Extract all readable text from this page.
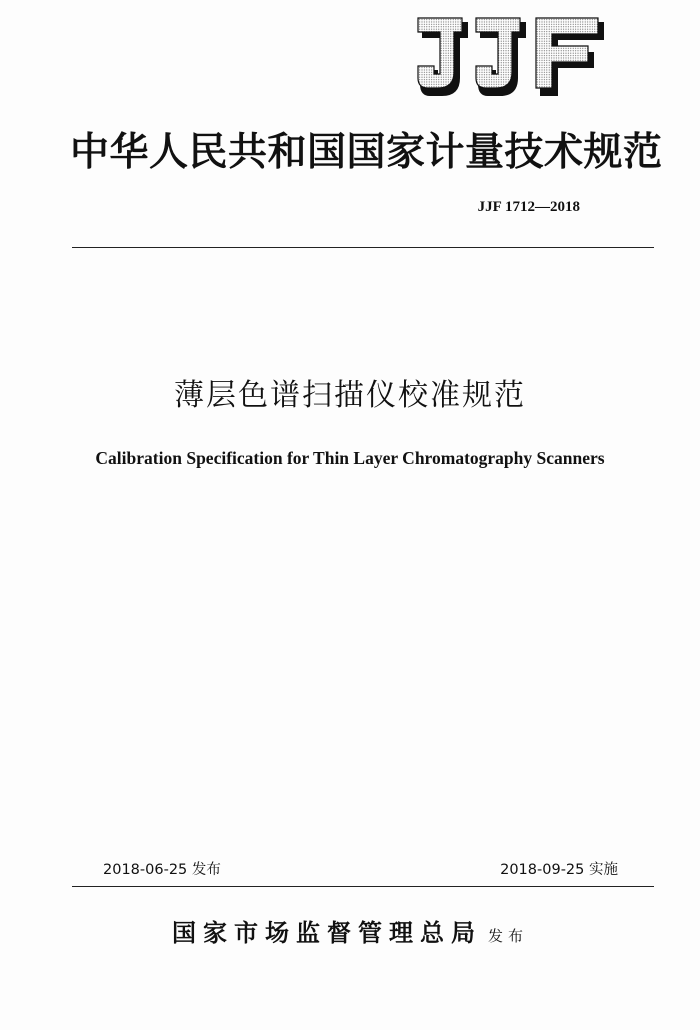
中华人民共和国国家计量技术规范
JJF 1712—2018
薄层色谱扫描仪校准规范
Calibration Specification for Thin Layer Chromatography Scanners
2018-06-25 发布	2018-09-25 实施
国家市场监督管理总局 发布
